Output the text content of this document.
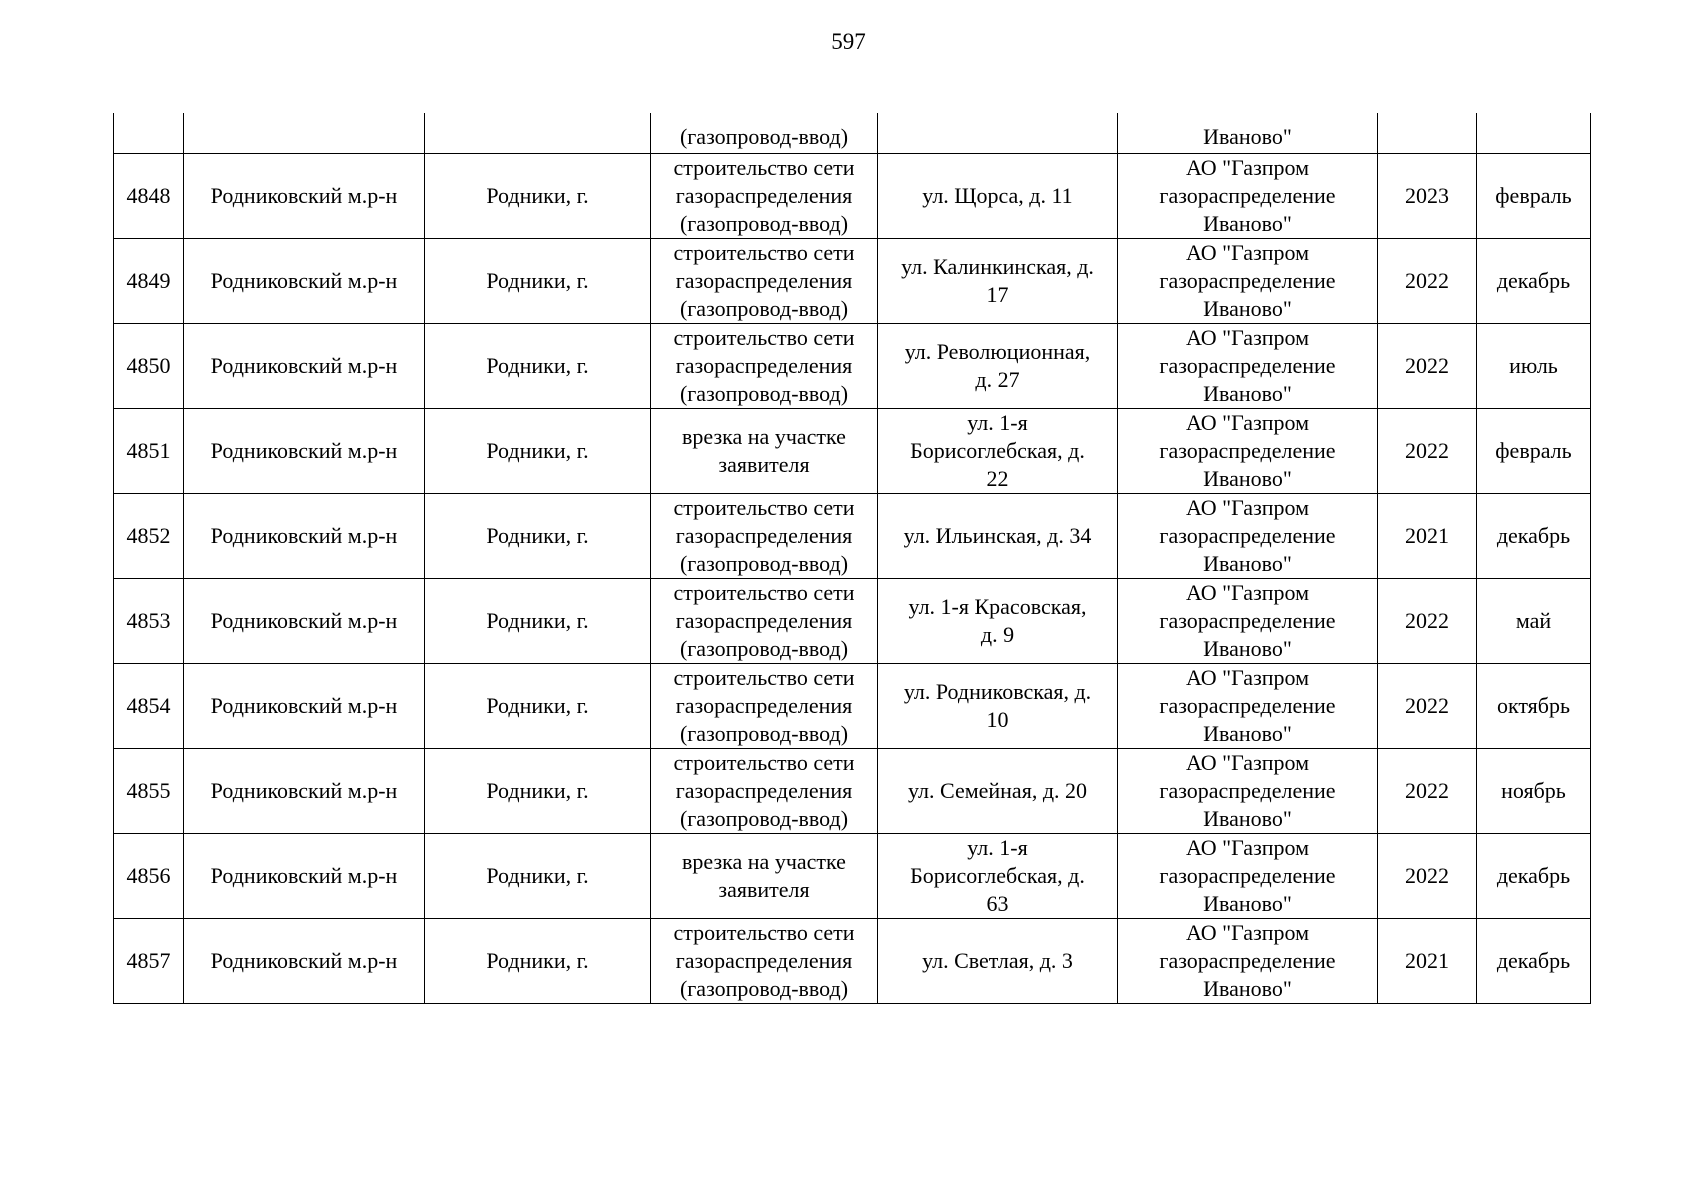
597
			(газопровод-ввод)		Иваново"		
4848	Родниковский м.р-н	Родники, г.	строительство сети
газораспределения
(газопровод-ввод)	ул. Щорса, д. 11	АО "Газпром
газораспределение
Иваново"	2023	февраль
4849	Родниковский м.р-н	Родники, г.	строительство сети
газораспределения
(газопровод-ввод)	ул. Калинкинская, д.
17	АО "Газпром
газораспределение
Иваново"	2022	декабрь
4850	Родниковский м.р-н	Родники, г.	строительство сети
газораспределения
(газопровод-ввод)	ул. Революционная,
д. 27	АО "Газпром
газораспределение
Иваново"	2022	июль
4851	Родниковский м.р-н	Родники, г.	врезка на участке
заявителя	ул. 1-я
Борисоглебская, д.
22	АО "Газпром
газораспределение
Иваново"	2022	февраль
4852	Родниковский м.р-н	Родники, г.	строительство сети
газораспределения
(газопровод-ввод)	ул. Ильинская, д. 34	АО "Газпром
газораспределение
Иваново"	2021	декабрь
4853	Родниковский м.р-н	Родники, г.	строительство сети
газораспределения
(газопровод-ввод)	ул. 1-я Красовская,
д. 9	АО "Газпром
газораспределение
Иваново"	2022	май
4854	Родниковский м.р-н	Родники, г.	строительство сети
газораспределения
(газопровод-ввод)	ул. Родниковская, д.
10	АО "Газпром
газораспределение
Иваново"	2022	октябрь
4855	Родниковский м.р-н	Родники, г.	строительство сети
газораспределения
(газопровод-ввод)	ул. Семейная, д. 20	АО "Газпром
газораспределение
Иваново"	2022	ноябрь
4856	Родниковский м.р-н	Родники, г.	врезка на участке
заявителя	ул. 1-я
Борисоглебская, д.
63	АО "Газпром
газораспределение
Иваново"	2022	декабрь
4857	Родниковский м.р-н	Родники, г.	строительство сети
газораспределения
(газопровод-ввод)	ул. Светлая, д. 3	АО "Газпром
газораспределение
Иваново"	2021	декабрь
